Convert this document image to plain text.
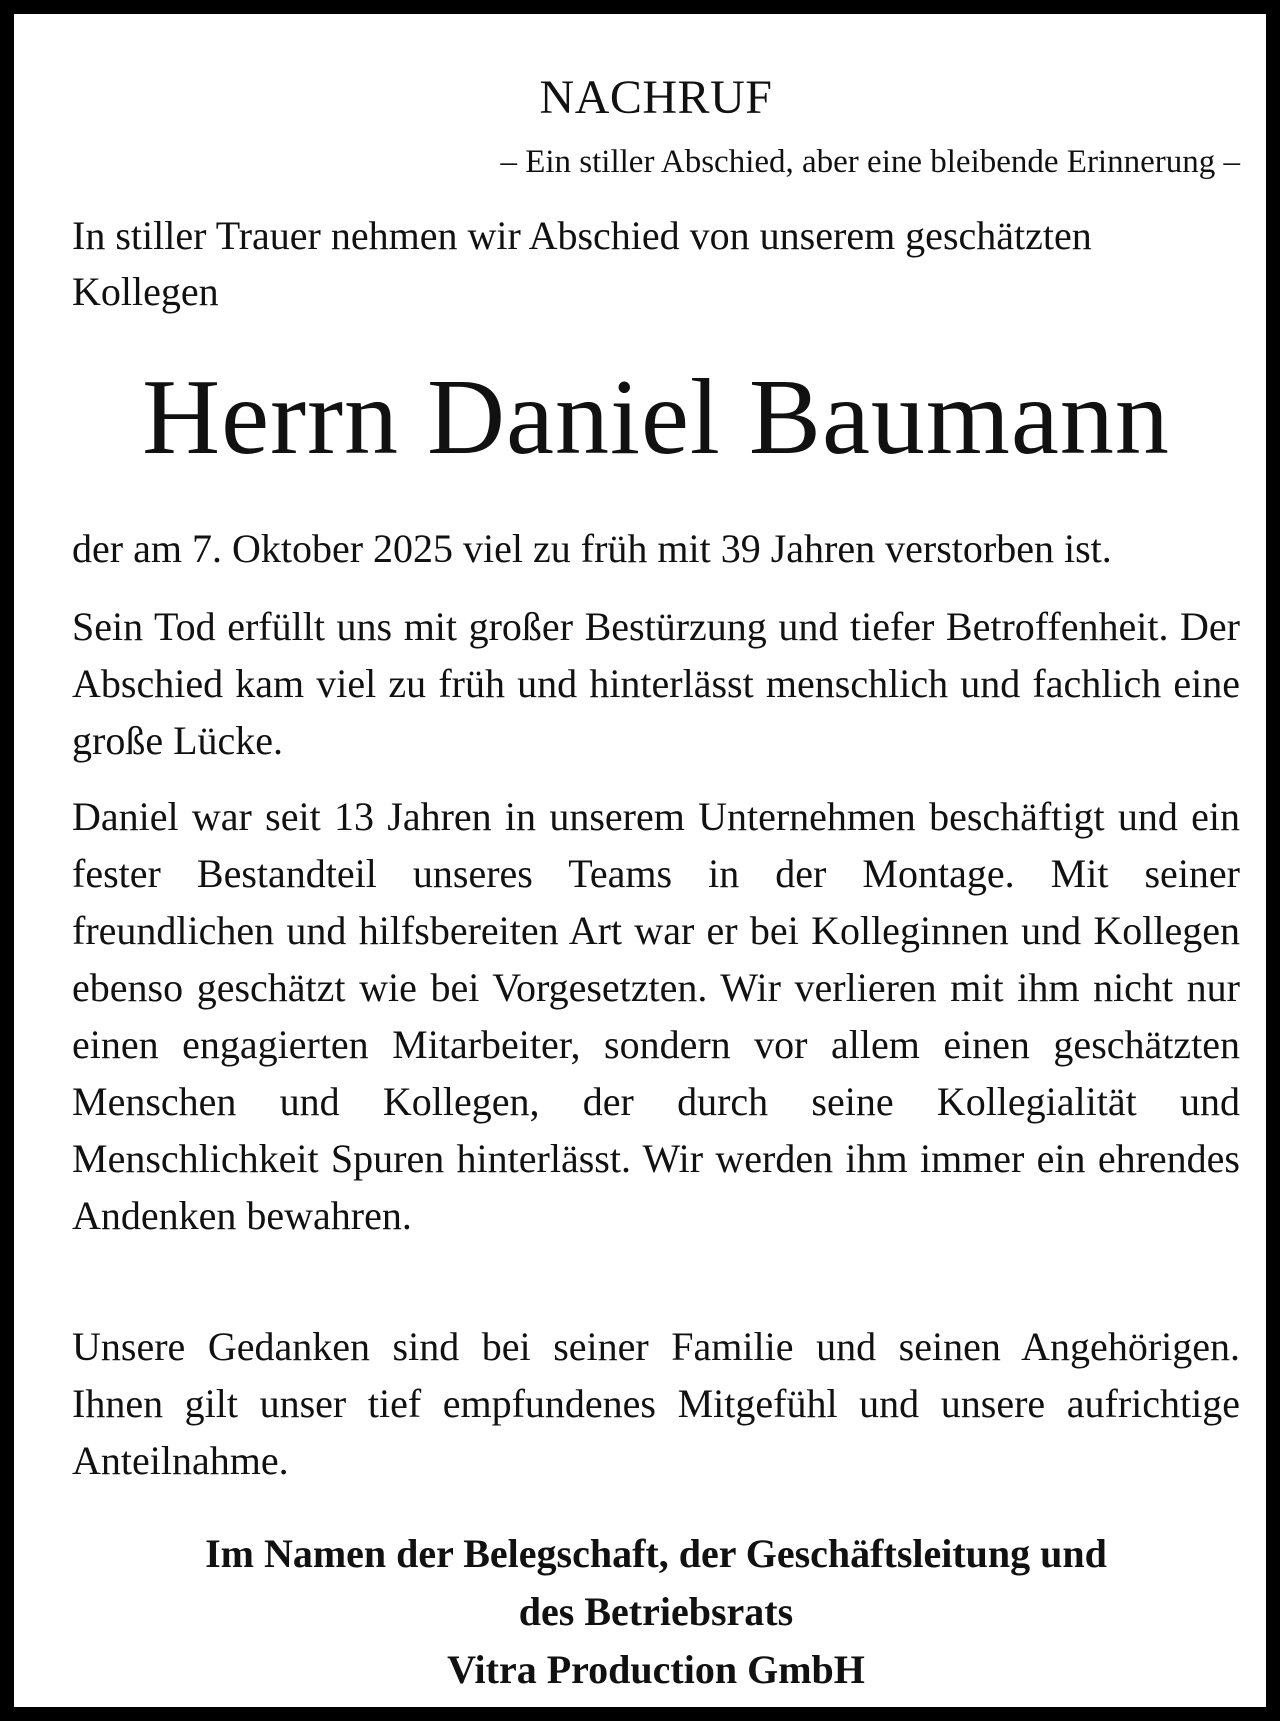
NACHRUF
– Ein stiller Abschied, aber eine bleibende Erinnerung –
In stiller Trauer nehmen wir Abschied von unserem geschätzten Kollegen
Herrn Daniel Baumann

der am 7. Oktober 2025 viel zu früh mit 39 Jahren verstorben ist.

Sein Tod erfüllt uns mit großer Bestürzung und tiefer Betroffenheit. Der Abschied kam viel zu früh und hinterlässt menschlich und fachlich eine große Lücke.

Daniel war seit 13 Jahren in unserem Unternehmen beschäftigt und ein fester Bestandteil unseres Teams in der Montage. Mit seiner freundlichen und hilfsbereiten Art war er bei Kolleginnen und Kollegen ebenso geschätzt wie bei Vorgesetzten. Wir verlieren mit ihm nicht nur einen engagierten Mitarbeiter, sondern vor allem einen geschätzten Menschen und Kollegen, der durch seine Kollegialität und Menschlichkeit Spuren hinterlässt. Wir werden ihm immer ein ehrendes Andenken bewahren.

Unsere Gedanken sind bei seiner Familie und seinen Angehörigen. Ihnen gilt unser tief empfundenes Mitgefühl und unsere aufrichtige Anteilnahme.

Im Namen der Belegschaft, der Geschäftsleitung und
des Betriebsrats
Vitra Production GmbH
